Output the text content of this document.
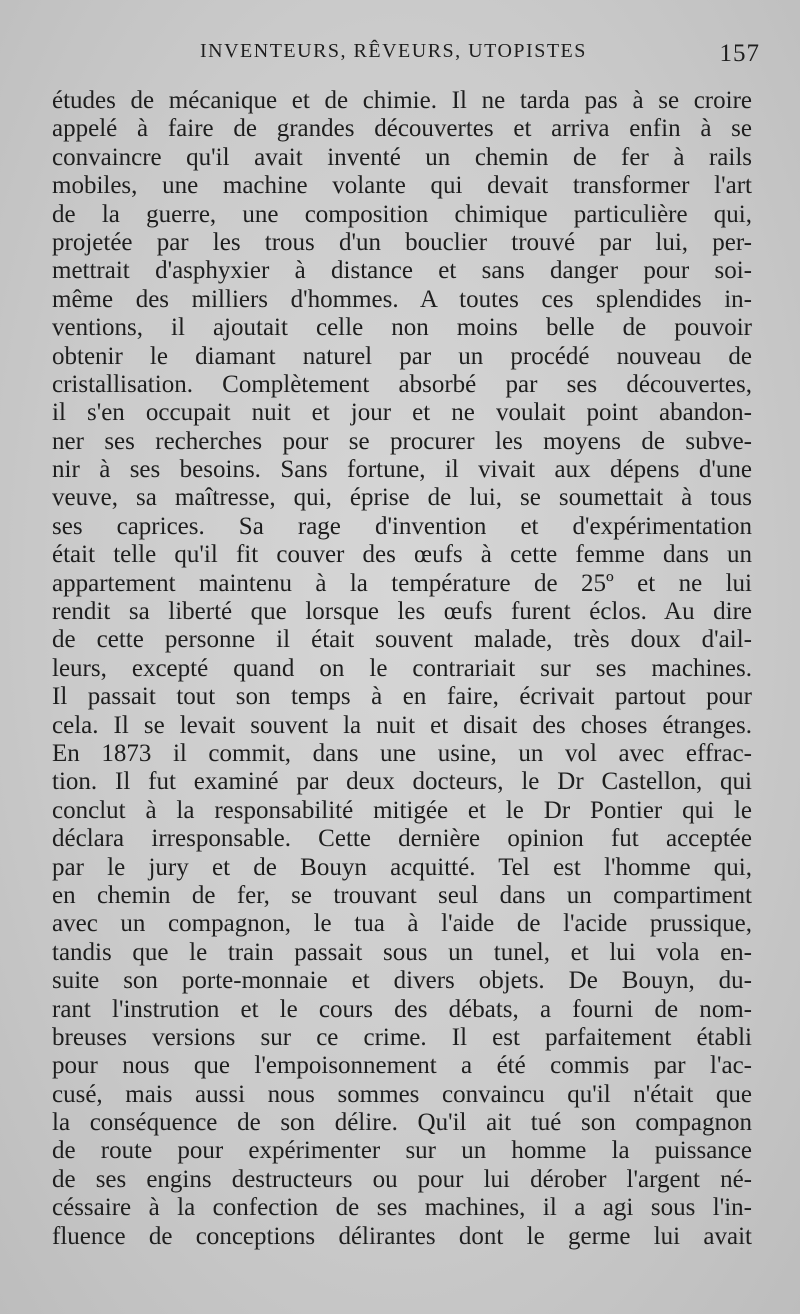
INVENTEURS, RÊVEURS, UTOPISTES	157
études de mécanique et de chimie. Il ne tarda pas à se croire
appelé à faire de grandes découvertes et arriva enfin à se
convaincre qu'il avait inventé un chemin de fer à rails
mobiles, une machine volante qui devait transformer l'art
de la guerre, une composition chimique particulière qui,
projetée par les trous d'un bouclier trouvé par lui, per-
mettrait d'asphyxier à distance et sans danger pour soi-
même des milliers d'hommes. A toutes ces splendides in-
ventions, il ajoutait celle non moins belle de pouvoir
obtenir le diamant naturel par un procédé nouveau de
cristallisation. Complètement absorbé par ses découvertes,
il s'en occupait nuit et jour et ne voulait point abandon-
ner ses recherches pour se procurer les moyens de subve-
nir à ses besoins. Sans fortune, il vivait aux dépens d'une
veuve, sa maîtresse, qui, éprise de lui, se soumettait à tous
ses caprices. Sa rage d'invention et d'expérimentation
était telle qu'il fit couver des œufs à cette femme dans un
appartement maintenu à la température de 25º et ne lui
rendit sa liberté que lorsque les œufs furent éclos. Au dire
de cette personne il était souvent malade, très doux d'ail-
leurs, excepté quand on le contrariait sur ses machines.
Il passait tout son temps à en faire, écrivait partout pour
cela. Il se levait souvent la nuit et disait des choses étranges.
En 1873 il commit, dans une usine, un vol avec effrac-
tion. Il fut examiné par deux docteurs, le Dr Castellon, qui
conclut à la responsabilité mitigée et le Dr Pontier qui le
déclara irresponsable. Cette dernière opinion fut acceptée
par le jury et de Bouyn acquitté. Tel est l'homme qui,
en chemin de fer, se trouvant seul dans un compartiment
avec un compagnon, le tua à l'aide de l'acide prussique,
tandis que le train passait sous un tunel, et lui vola en-
suite son porte-monnaie et divers objets. De Bouyn, du-
rant l'instrution et le cours des débats, a fourni de nom-
breuses versions sur ce crime. Il est parfaitement établi
pour nous que l'empoisonnement a été commis par l'ac-
cusé, mais aussi nous sommes convaincu qu'il n'était que
la conséquence de son délire. Qu'il ait tué son compagnon
de route pour expérimenter sur un homme la puissance
de ses engins destructeurs ou pour lui dérober l'argent né-
céssaire à la confection de ses machines, il a agi sous l'in-
fluence de conceptions délirantes dont le germe lui avait
